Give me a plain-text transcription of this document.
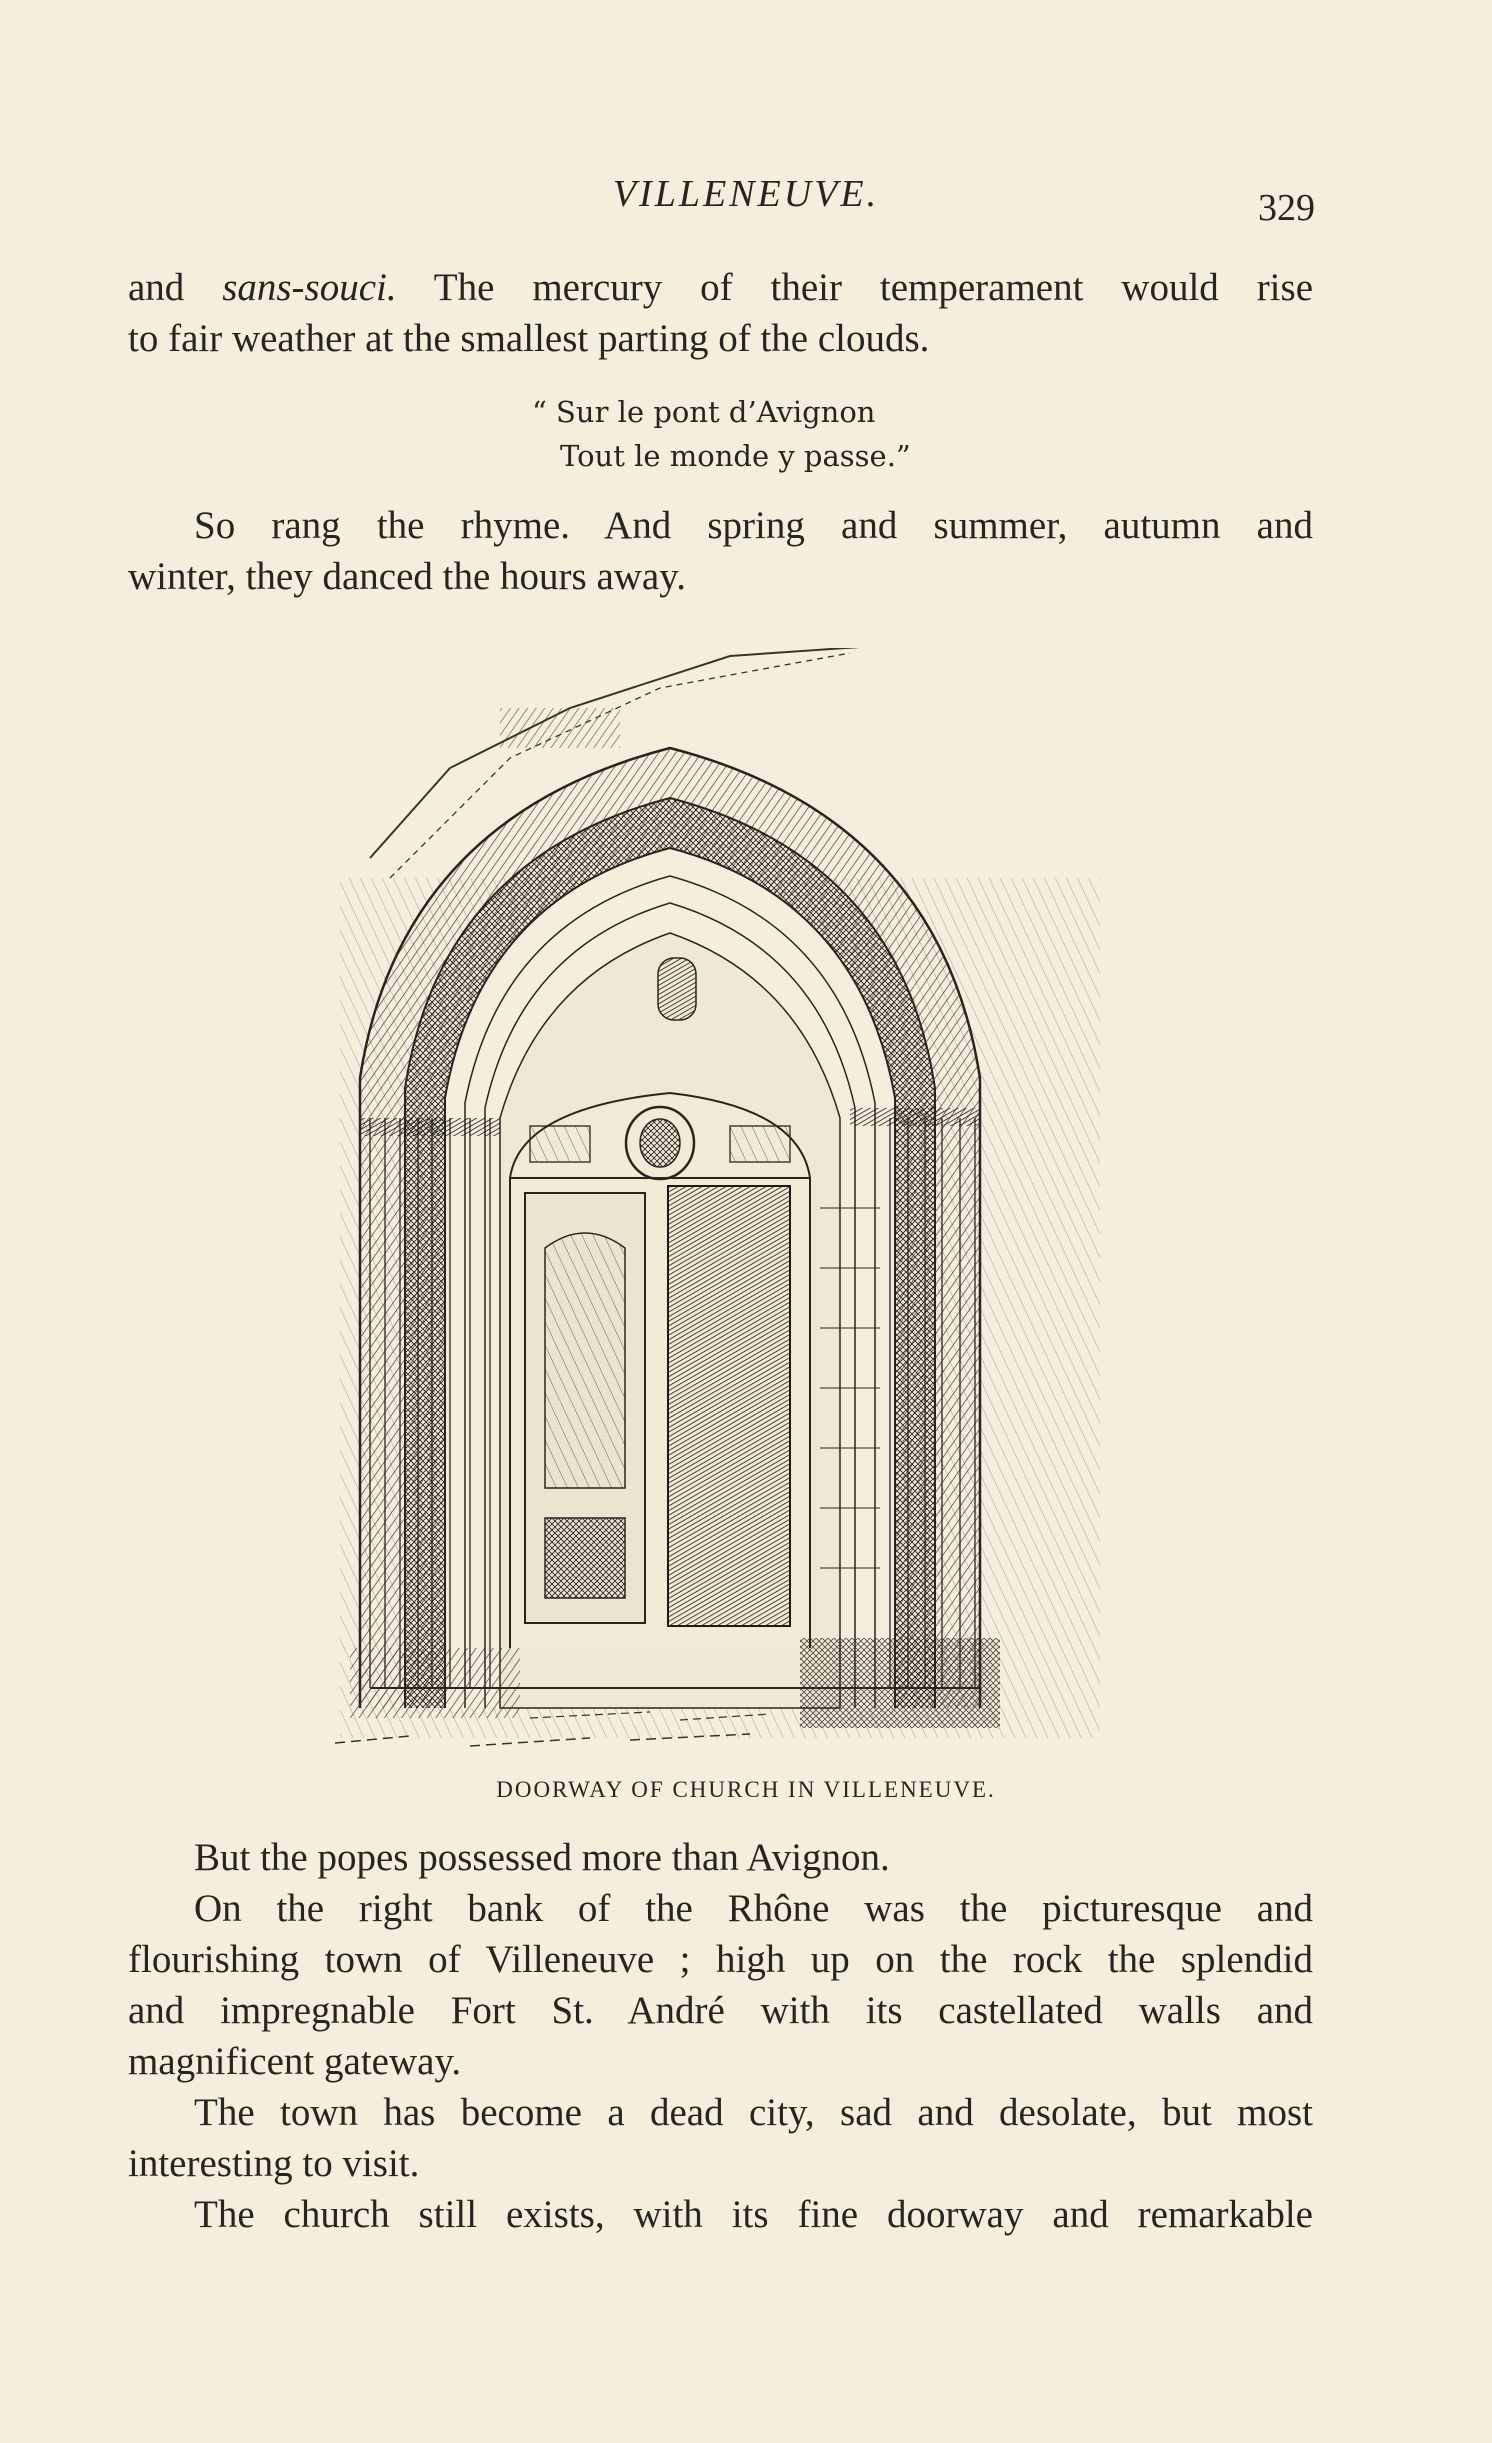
VILLENEUVE.	329
and sans-souci. The mercury of their temperament would rise
to fair weather at the smallest parting of the clouds.
“ Sur le pont d’Avignon
Tout le monde y passe.”
So rang the rhyme. And spring and summer, autumn and
winter, they danced the hours away.
DOORWAY OF CHURCH IN VILLENEUVE.
But the popes possessed more than Avignon.
On the right bank of the Rhône was the picturesque and
flourishing town of Villeneuve ; high up on the rock the splendid
and impregnable Fort St. André with its castellated walls and
magnificent gateway.
The town has become a dead city, sad and desolate, but most
interesting to visit.
The church still exists, with its fine doorway and remarkable
